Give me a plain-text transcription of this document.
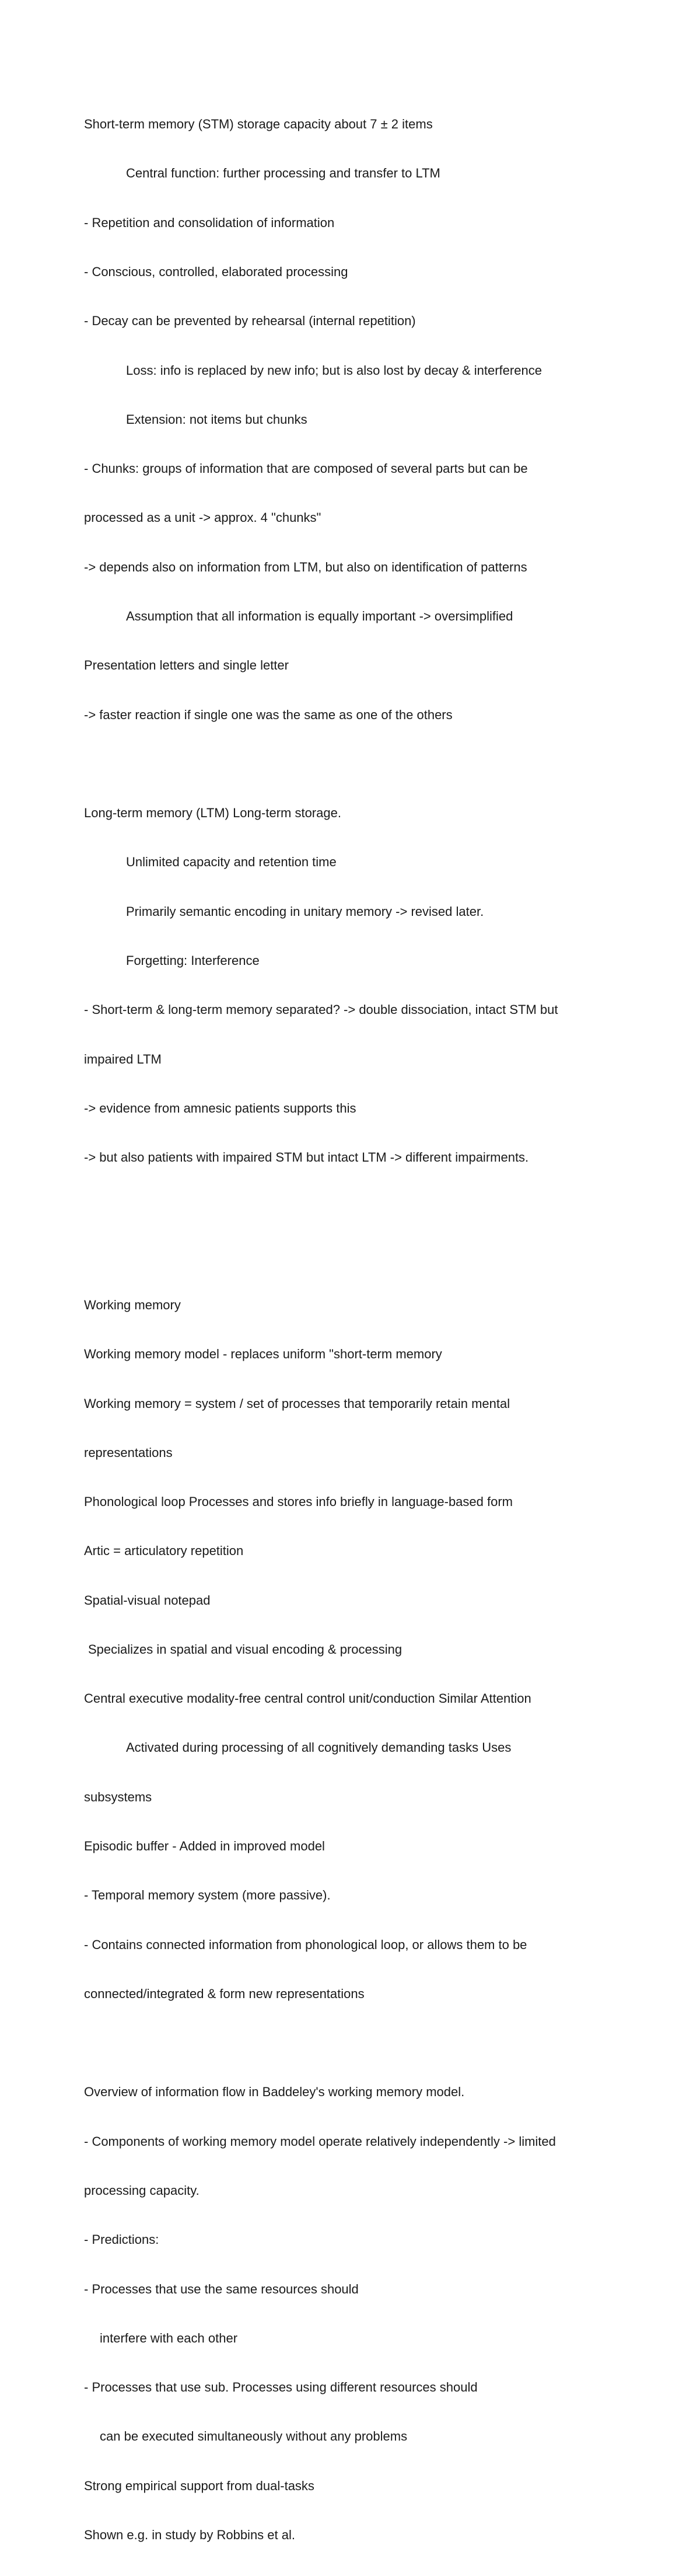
Short-term memory (STM) storage capacity about 7 ± 2 items

Central function: further processing and transfer to LTM

- Repetition and consolidation of information

- Conscious, controlled, elaborated processing

- Decay can be prevented by rehearsal (internal repetition)

Loss: info is replaced by new info; but is also lost by decay & interference

Extension: not items but chunks

- Chunks: groups of information that are composed of several parts but can be

processed as a unit -> approx. 4 "chunks"

-> depends also on information from LTM, but also on identification of patterns

Assumption that all information is equally important -> oversimplified

Presentation letters and single letter

-> faster reaction if single one was the same as one of the others

Long-term memory (LTM) Long-term storage.

Unlimited capacity and retention time

Primarily semantic encoding in unitary memory -> revised later.

Forgetting: Interference

- Short-term & long-term memory separated? -> double dissociation, intact STM but

impaired LTM

-> evidence from amnesic patients supports this

-> but also patients with impaired STM but intact LTM -> different impairments.

Working memory

Working memory model - replaces uniform "short-term memory

Working memory = system / set of processes that temporarily retain mental

representations

Phonological loop Processes and stores info briefly in language-based form

Artic = articulatory repetition

Spatial-visual notepad

Specializes in spatial and visual encoding & processing

Central executive modality-free central control unit/conduction Similar Attention

Activated during processing of all cognitively demanding tasks Uses

subsystems

Episodic buffer - Added in improved model

- Temporal memory system (more passive).

- Contains connected information from phonological loop, or allows them to be

connected/integrated & form new representations

Overview of information flow in Baddeley's working memory model.

- Components of working memory model operate relatively independently -> limited

processing capacity.

- Predictions:

- Processes that use the same resources should

interfere with each other

- Processes that use sub. Processes using different resources should

can be executed simultaneously without any problems

Strong empirical support from dual-tasks

Shown e.g. in study by Robbins et al.
